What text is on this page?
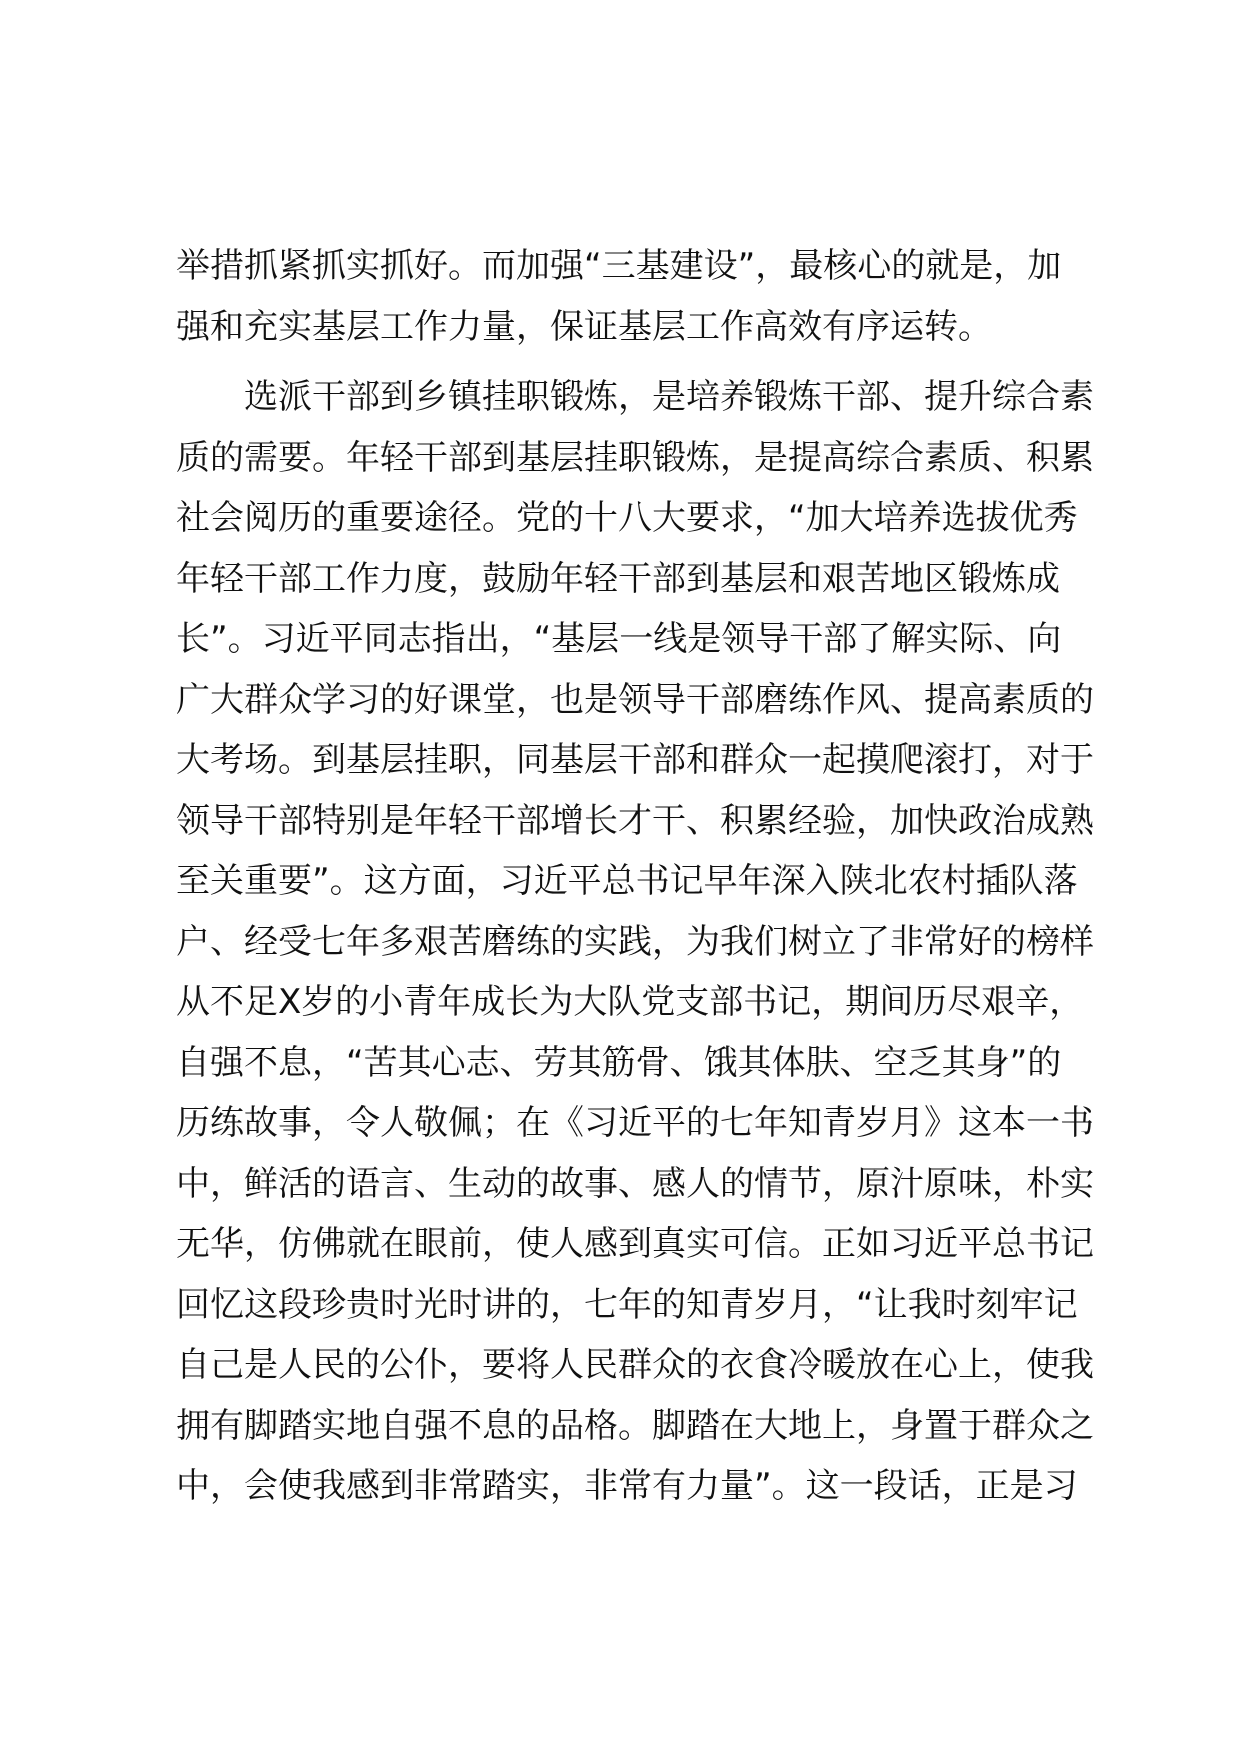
举措抓紧抓实抓好。而加强“三基建设”，最核心的就是，加
强和充实基层工作力量，保证基层工作高效有序运转。
选派干部到乡镇挂职锻炼，是培养锻炼干部、提升综合素
质的需要。年轻干部到基层挂职锻炼，是提高综合素质、积累
社会阅历的重要途径。党的十八大要求，“加大培养选拔优秀
年轻干部工作力度，鼓励年轻干部到基层和艰苦地区锻炼成
长”。习近平同志指出，“基层一线是领导干部了解实际、向
广大群众学习的好课堂，也是领导干部磨练作风、提高素质的
大考场。到基层挂职，同基层干部和群众一起摸爬滚打，对于
领导干部特别是年轻干部增长才干、积累经验，加快政治成熟
至关重要”。这方面，习近平总书记早年深入陕北农村插队落
户、经受七年多艰苦磨练的实践，为我们树立了非常好的榜样
从不足X岁的小青年成长为大队党支部书记，期间历尽艰辛，
自强不息，“苦其心志、劳其筋骨、饿其体肤、空乏其身”的
历练故事，令人敬佩；在《习近平的七年知青岁月》这本一书
中，鲜活的语言、生动的故事、感人的情节，原汁原味，朴实
无华，仿佛就在眼前，使人感到真实可信。正如习近平总书记
回忆这段珍贵时光时讲的，七年的知青岁月，“让我时刻牢记
自己是人民的公仆，要将人民群众的衣食冷暖放在心上，使我
拥有脚踏实地自强不息的品格。脚踏在大地上，身置于群众之
中，会使我感到非常踏实，非常有力量”。这一段话，正是习
